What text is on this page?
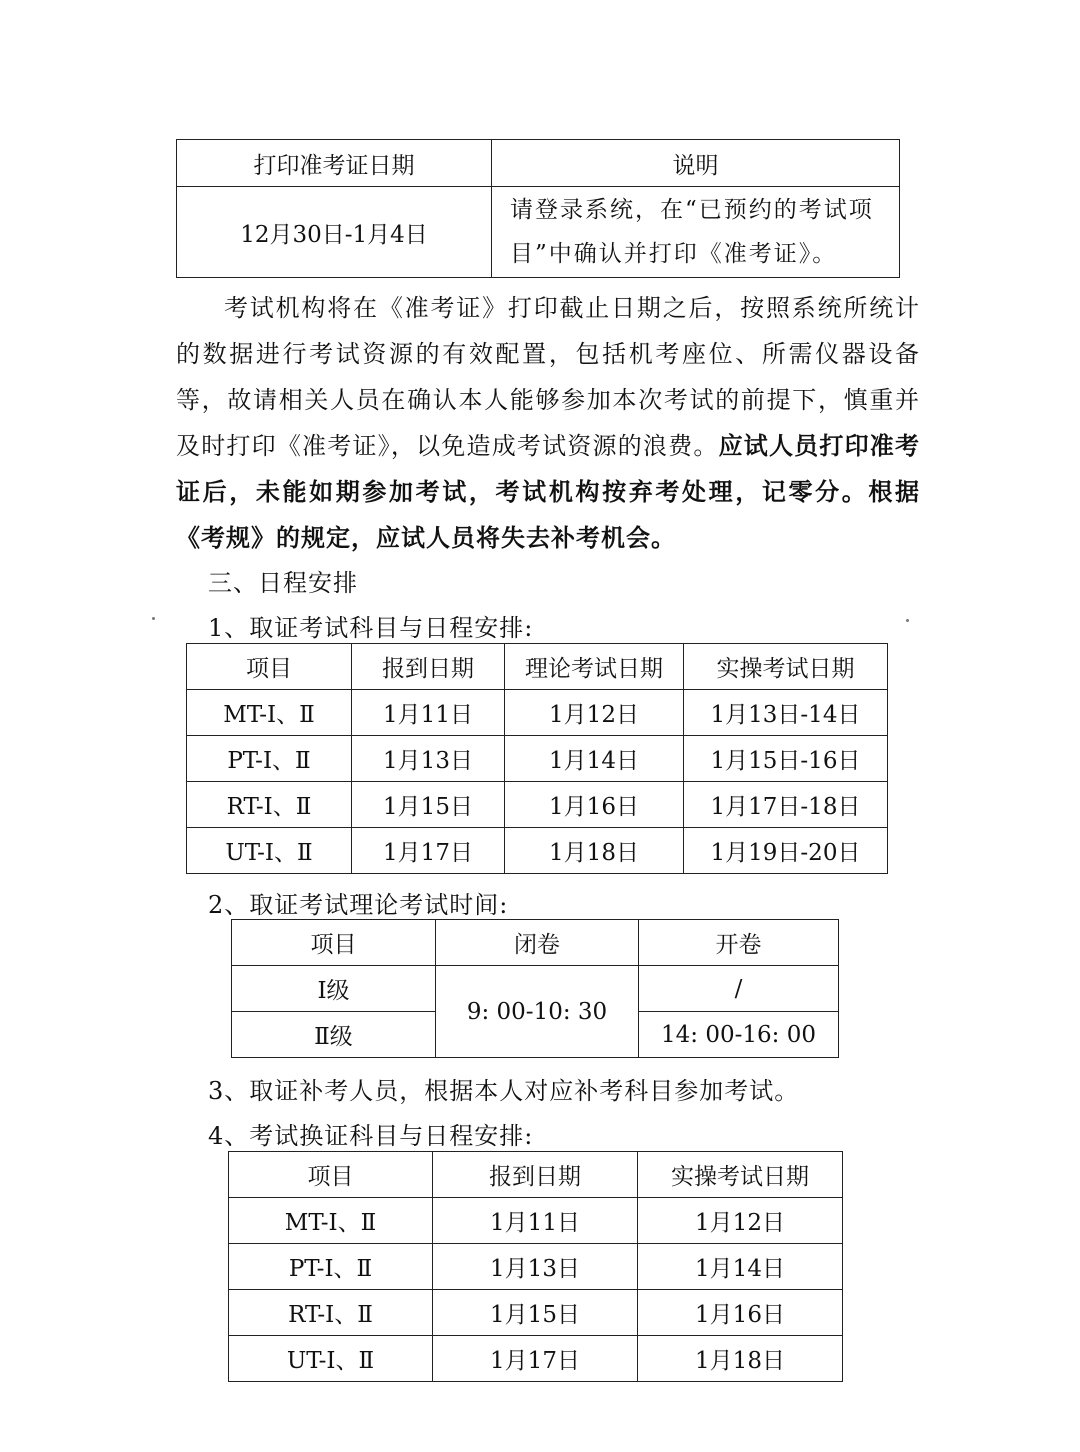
打印准考证日期	说明
12月30日-1月4日	请登录系统，在“已预约的考试项目”中确认并打印《准考证》。
考试机构将在《准考证》打印截止日期之后，按照系统所统计的数据进行考试资源的有效配置，包括机考座位、所需仪器设备等，故请相关人员在确认本人能够参加本次考试的前提下，慎重并及时打印《准考证》，以免造成考试资源的浪费。应试人员打印准考证后，未能如期参加考试，考试机构按弃考处理，记零分。根据《考规》的规定，应试人员将失去补考机会。
三、日程安排
1、取证考试科目与日程安排:
项目	报到日期	理论考试日期	实操考试日期
MT-Ⅰ、Ⅱ	1月11日	1月12日	1月13日-14日
PT-Ⅰ、Ⅱ	1月13日	1月14日	1月15日-16日
RT-Ⅰ、Ⅱ	1月15日	1月16日	1月17日-18日
UT-Ⅰ、Ⅱ	1月17日	1月18日	1月19日-20日
2、取证考试理论考试时间:
项目	闭卷	开卷
Ⅰ级	9: 00-10: 30	/
Ⅱ级		14: 00-16: 00
3、取证补考人员，根据本人对应补考科目参加考试。
4、考试换证科目与日程安排:
项目	报到日期	实操考试日期
MT-Ⅰ、Ⅱ	1月11日	1月12日
PT-Ⅰ、Ⅱ	1月13日	1月14日
RT-Ⅰ、Ⅱ	1月15日	1月16日
UT-Ⅰ、Ⅱ	1月17日	1月18日
